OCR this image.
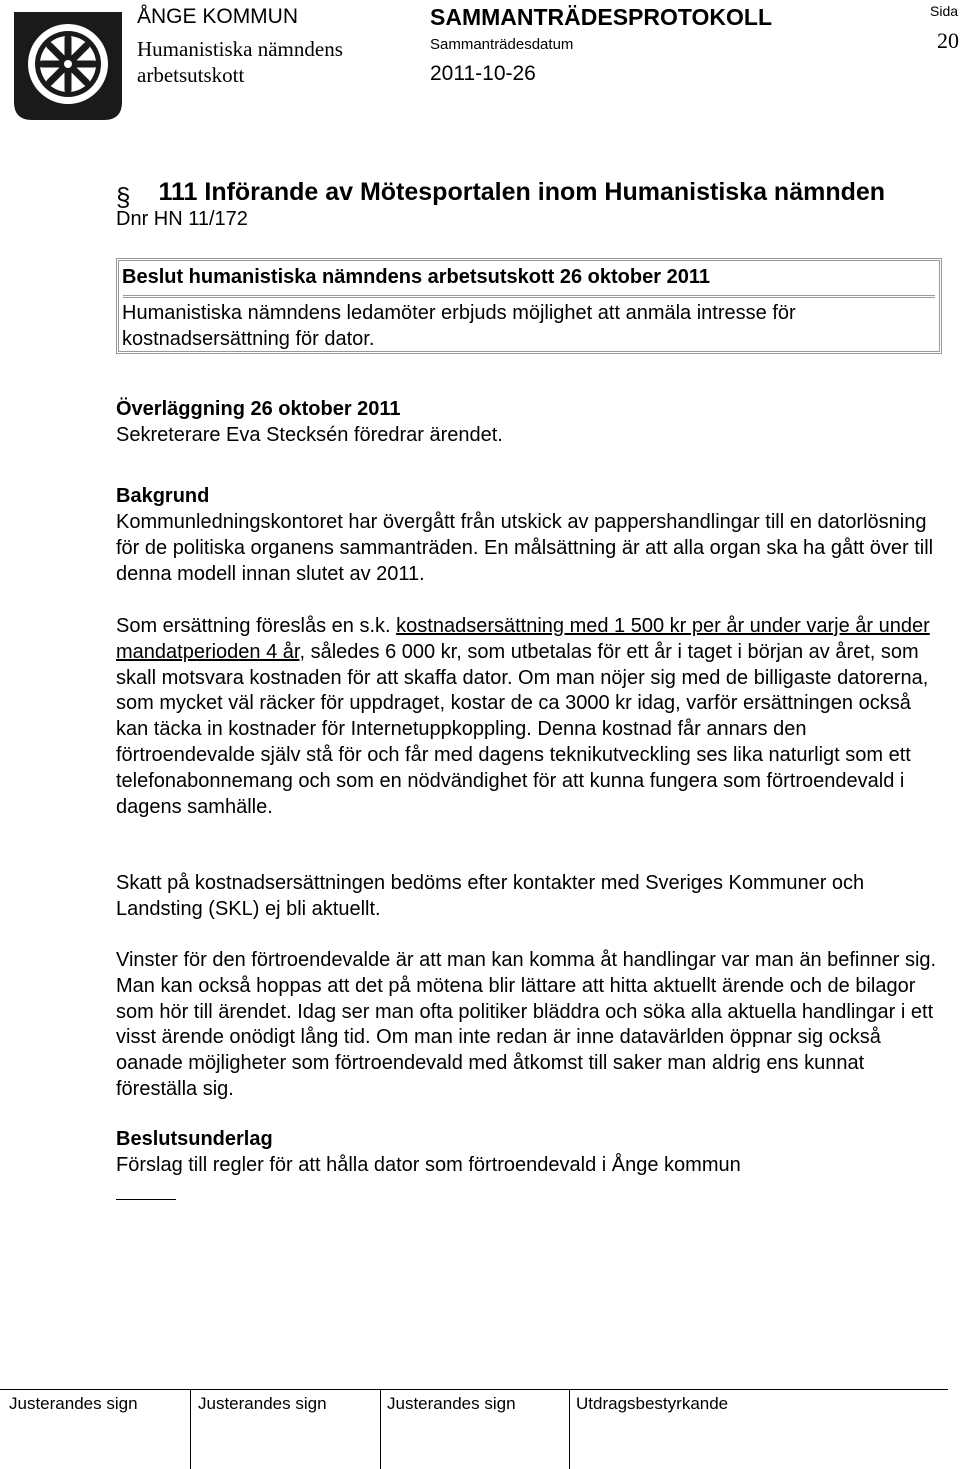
ÅNGE KOMMUN
Humanistiska nämndens
arbetsutskott
SAMMANTRÄDESPROTOKOLL
Sammanträdesdatum
2011-10-26
Sida
20
§ 111 Införande av Mötesportalen inom Humanistiska nämnden
Dnr HN 11/172
Beslut humanistiska nämndens arbetsutskott 26 oktober 2011
Humanistiska nämndens ledamöter erbjuds möjlighet att anmäla intresse för kostnadsersättning för dator.
Överläggning 26 oktober 2011
Sekreterare Eva Stecksén föredrar ärendet.
Bakgrund
Kommunledningskontoret har övergått från utskick av pappershandlingar till en datorlösning för de politiska organens sammanträden. En målsättning är att alla organ ska ha gått över till denna modell innan slutet av 2011.
Som ersättning föreslås en s.k. kostnadsersättning med 1 500 kr per år under varje år under mandatperioden 4 år, således 6 000 kr, som utbetalas för ett år i taget i början av året, som skall motsvara kostnaden för att skaffa dator. Om man nöjer sig med de billigaste datorerna, som mycket väl räcker för uppdraget, kostar de ca 3000 kr idag, varför ersättningen också kan täcka in kostnader för Internetuppkoppling. Denna kostnad får annars den förtroendevalde själv stå för och får med dagens teknikutveckling ses lika naturligt som ett telefonabonnemang och som en nödvändighet för att kunna fungera som förtroendevald i dagens samhälle.
Skatt på kostnadsersättningen bedöms efter kontakter med Sveriges Kommuner och Landsting (SKL) ej bli aktuellt.
Vinster för den förtroendevalde är att man kan komma åt handlingar var man än befinner sig. Man kan också hoppas att det på mötena blir lättare att hitta aktuellt ärende och de bilagor som hör till ärendet. Idag ser man ofta politiker bläddra och söka alla aktuella handlingar i ett visst ärende onödigt lång tid. Om man inte redan är inne datavärlden öppnar sig också oanade möjligheter som förtroendevald med åtkomst till saker man aldrig ens kunnat föreställa sig.
Beslutsunderlag
Förslag till regler för att hålla dator som förtroendevald i Ånge kommun
Justerandes sign	Justerandes sign	Justerandes sign	Utdragsbestyrkande
